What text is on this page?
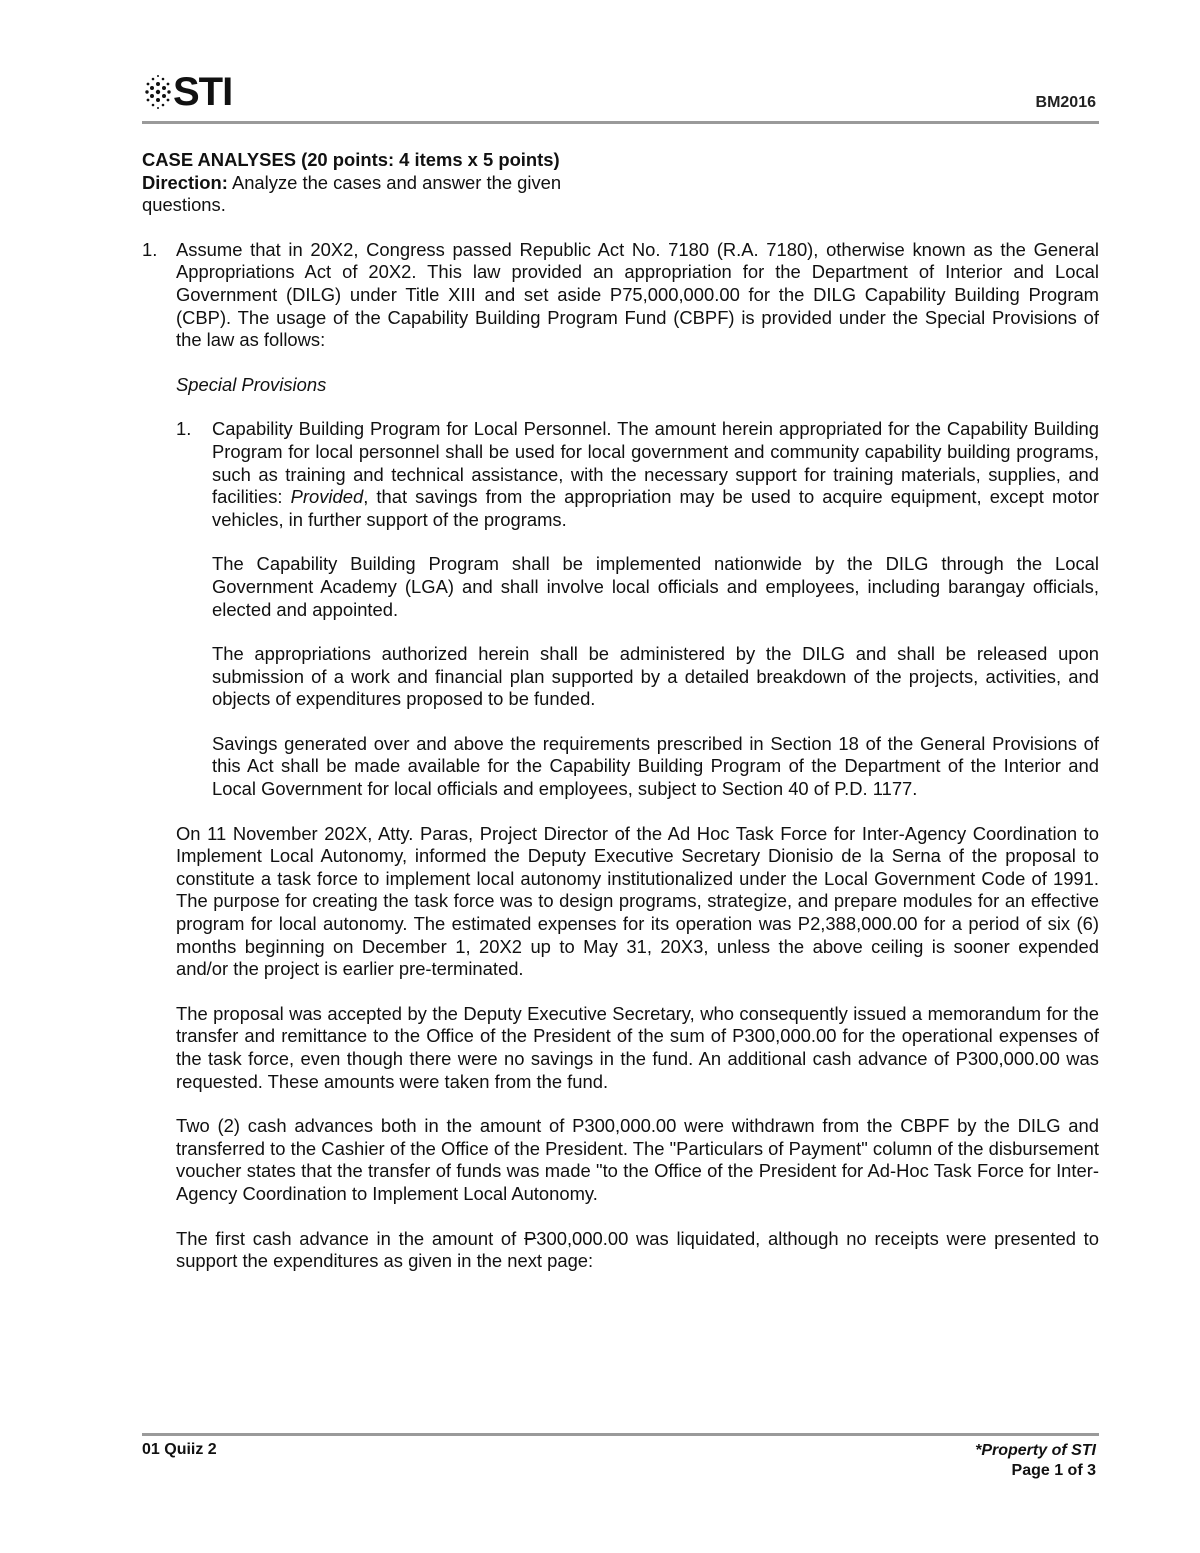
STI	BM2016

CASE ANALYSES (20 points: 4 items x 5 points)

Direction: Analyze the cases and answer the given questions.

1. Assume that in 20X2, Congress passed Republic Act No. 7180 (R.A. 7180), otherwise known as the General Appropriations Act of 20X2. This law provided an appropriation for the Department of Interior and Local Government (DILG) under Title XIII and set aside P75,000,000.00 for the DILG Capability Building Program (CBP). The usage of the Capability Building Program Fund (CBPF) is provided under the Special Provisions of the law as follows:

Special Provisions

1. Capability Building Program for Local Personnel. The amount herein appropriated for the Capability Building Program for local personnel shall be used for local government and community capability building programs, such as training and technical assistance, with the necessary support for training materials, supplies, and facilities: Provided, that savings from the appropriation may be used to acquire equipment, except motor vehicles, in further support of the programs.

The Capability Building Program shall be implemented nationwide by the DILG through the Local Government Academy (LGA) and shall involve local officials and employees, including barangay officials, elected and appointed.

The appropriations authorized herein shall be administered by the DILG and shall be released upon submission of a work and financial plan supported by a detailed breakdown of the projects, activities, and objects of expenditures proposed to be funded.

Savings generated over and above the requirements prescribed in Section 18 of the General Provisions of this Act shall be made available for the Capability Building Program of the Department of the Interior and Local Government for local officials and employees, subject to Section 40 of P.D. 1177.

On 11 November 202X, Atty. Paras, Project Director of the Ad Hoc Task Force for Inter-Agency Coordination to Implement Local Autonomy, informed the Deputy Executive Secretary Dionisio de la Serna of the proposal to constitute a task force to implement local autonomy institutionalized under the Local Government Code of 1991. The purpose for creating the task force was to design programs, strategize, and prepare modules for an effective program for local autonomy. The estimated expenses for its operation was P2,388,000.00 for a period of six (6) months beginning on December 1, 20X2 up to May 31, 20X3, unless the above ceiling is sooner expended and/or the project is earlier pre-terminated.

The proposal was accepted by the Deputy Executive Secretary, who consequently issued a memorandum for the transfer and remittance to the Office of the President of the sum of P300,000.00 for the operational expenses of the task force, even though there were no savings in the fund. An additional cash advance of P300,000.00 was requested. These amounts were taken from the fund.

Two (2) cash advances both in the amount of P300,000.00 were withdrawn from the CBPF by the DILG and transferred to the Cashier of the Office of the President. The "Particulars of Payment" column of the disbursement voucher states that the transfer of funds was made "to the Office of the President for Ad-Hoc Task Force for Inter-Agency Coordination to Implement Local Autonomy.

The first cash advance in the amount of P300,000.00 was liquidated, although no receipts were presented to support the expenditures as given in the next page:

01 Quiiz 2	*Property of STI
Page 1 of 3
